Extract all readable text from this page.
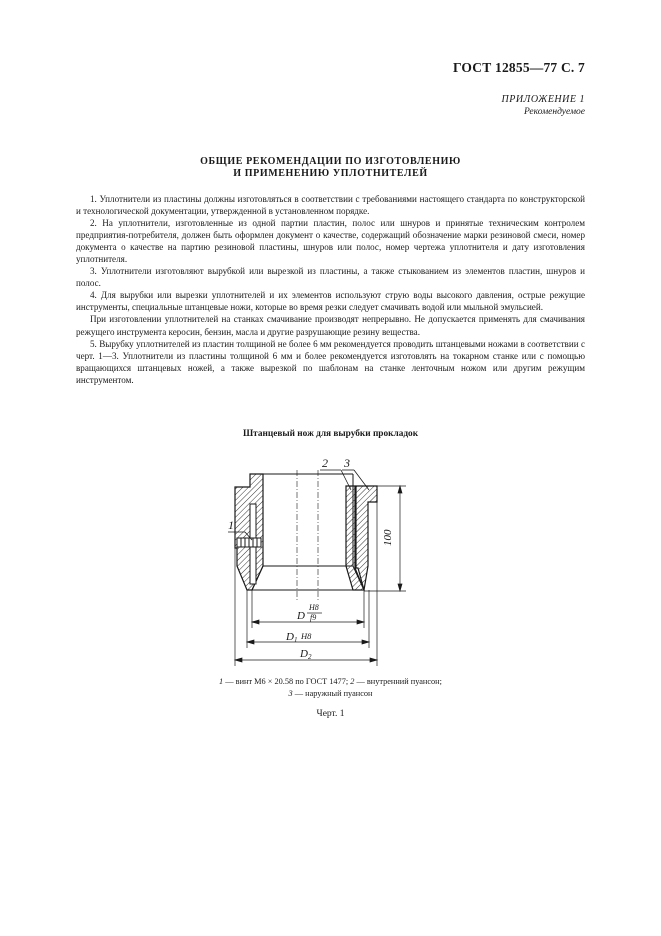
ГОСТ 12855—77 С. 7
ПРИЛОЖЕНИЕ 1
Рекомендуемое
ОБЩИЕ РЕКОМЕНДАЦИИ ПО ИЗГОТОВЛЕНИЮ
И ПРИМЕНЕНИЮ УПЛОТНИТЕЛЕЙ

1. Уплотнители из пластины должны изготовляться в соответствии с требованиями настоящего стандарта по конструкторской и технологической документации, утвержденной в установленном порядке.

2. На уплотнители, изготовленные из одной партии пластин, полос или шнуров и принятые техническим контролем предприятия-потребителя, должен быть оформлен документ о качестве, содержащий обозначение марки резиновой смеси, номер документа о качестве на партию резиновой пластины, шнуров или полос, номер чертежа уплотнителя и дату изготовления уплотнителя.

3. Уплотнители изготовляют вырубкой или вырезкой из пластины, а также стыкованием из элементов пластин, шнуров и полос.

4. Для вырубки или вырезки уплотнителей и их элементов используют струю воды высокого давления, острые режущие инструменты, специальные штанцевые ножи, которые во время резки следует смачивать водой или мыльной эмульсией.

При изготовлении уплотнителей на станках смачивание производят непрерывно. Не допускается применять для смачивания режущего инструмента керосин, бензин, масла и другие разрушающие резину вещества.

5. Вырубку уплотнителей из пластин толщиной не более 6 мм рекомендуется проводить штанцевыми ножами в соответствии с черт. 1—3. Уплотнители из пластины толщиной 6 мм и более рекомендуется изготовлять на токарном станке или с помощью вращающихся штанцевых ножей, а также вырезкой по шаблонам на станке ленточным ножом или другим режущим инструментом.

Штанцевый нож для вырубки прокладок
1
2 3
100
D
H8
f9
D 1 H8
D 2
1 — винт М6 × 20.58 по ГОСТ 1477; 2 — внутренний пуансон;
3 — наружный пуансон
Черт. 1
